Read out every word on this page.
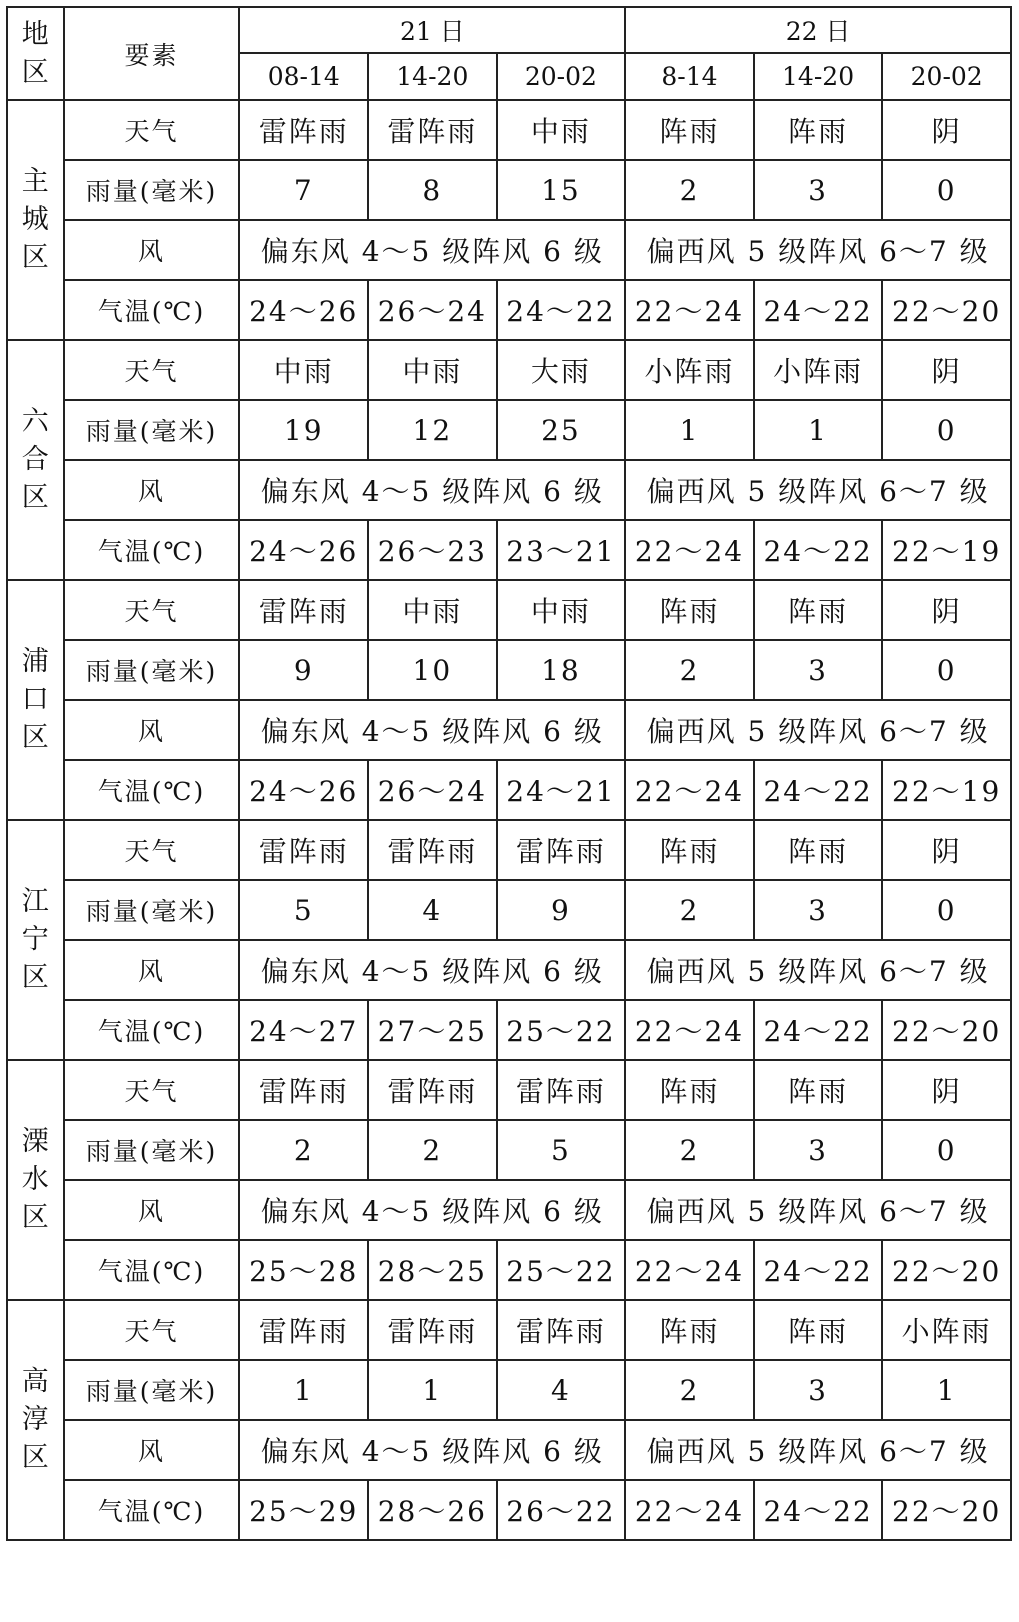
地
区	要素	21 日			22 日		
		08-14	14-20	20-02	8-14	14-20	20-02

主
城
区	天气	雷阵雨	雷阵雨	中雨	阵雨	阵雨	阴
	雨量(毫米)	7	8	15	2	3	0
	风	偏东风 4～5 级阵风 6 级			偏西风 5 级阵风 6～7 级		
	气温(℃)	24～26	26～24	24～22	22～24	24～22	22～20

六
合
区	天气	中雨	中雨	大雨	小阵雨	小阵雨	阴
	雨量(毫米)	19	12	25	1	1	0
	风	偏东风 4～5 级阵风 6 级			偏西风 5 级阵风 6～7 级		
	气温(℃)	24～26	26～23	23～21	22～24	24～22	22～19

浦
口
区	天气	雷阵雨	中雨	中雨	阵雨	阵雨	阴
	雨量(毫米)	9	10	18	2	3	0
	风	偏东风 4～5 级阵风 6 级			偏西风 5 级阵风 6～7 级		
	气温(℃)	24～26	26～24	24～21	22～24	24～22	22～19

江
宁
区	天气	雷阵雨	雷阵雨	雷阵雨	阵雨	阵雨	阴
	雨量(毫米)	5	4	9	2	3	0
	风	偏东风 4～5 级阵风 6 级			偏西风 5 级阵风 6～7 级		
	气温(℃)	24～27	27～25	25～22	22～24	24～22	22～20

溧
水
区	天气	雷阵雨	雷阵雨	雷阵雨	阵雨	阵雨	阴
	雨量(毫米)	2	2	5	2	3	0
	风	偏东风 4～5 级阵风 6 级			偏西风 5 级阵风 6～7 级		
	气温(℃)	25～28	28～25	25～22	22～24	24～22	22～20

高
淳
区	天气	雷阵雨	雷阵雨	雷阵雨	阵雨	阵雨	小阵雨
	雨量(毫米)	1	1	4	2	3	1
	风	偏东风 4～5 级阵风 6 级			偏西风 5 级阵风 6～7 级		
	气温(℃)	25～29	28～26	26～22	22～24	24～22	22～20
